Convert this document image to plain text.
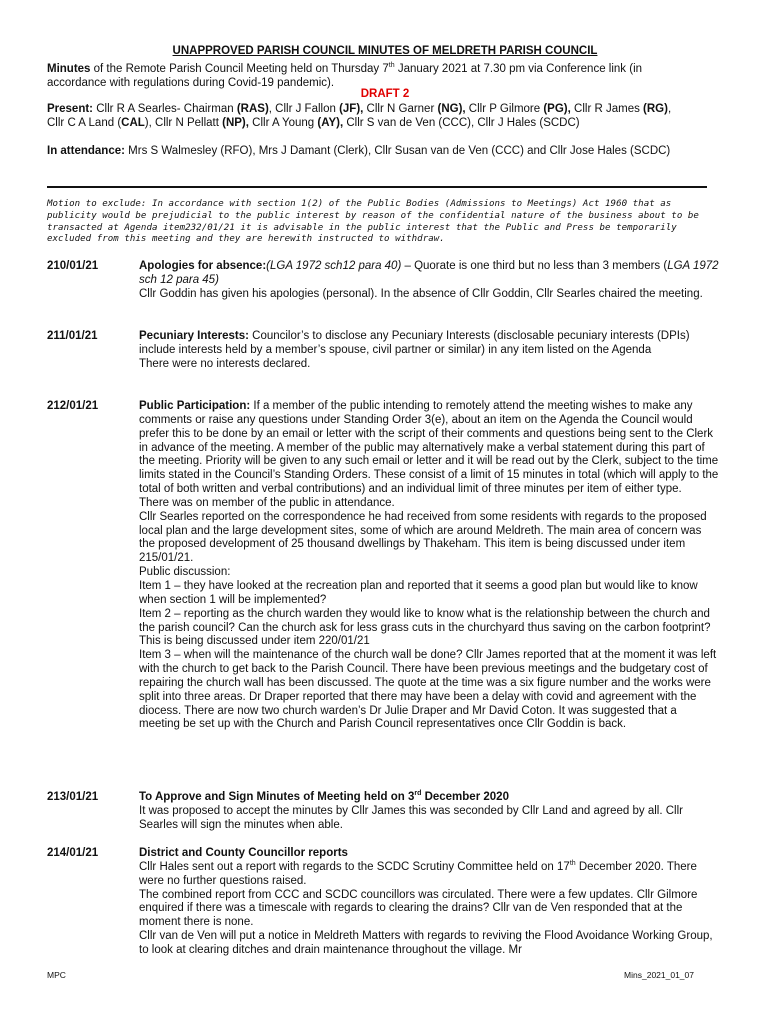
UNAPPROVED PARISH COUNCIL MINUTES OF MELDRETH PARISH COUNCIL
Minutes of the Remote Parish Council Meeting held on Thursday 7th January 2021 at 7.30 pm via Conference link (in accordance with regulations during Covid-19 pandemic).
DRAFT 2
Present: Cllr R A Searles- Chairman (RAS), Cllr J Fallon (JF), Cllr N Garner (NG), Cllr P Gilmore (PG), Cllr R James (RG), Cllr C A Land (CAL), Cllr N Pellatt (NP), Cllr A Young (AY), Cllr S van de Ven (CCC), Cllr J Hales (SCDC)
In attendance: Mrs S Walmesley (RFO), Mrs J Damant (Clerk), Cllr Susan van de Ven (CCC) and Cllr Jose Hales (SCDC)
Motion to exclude: In accordance with section 1(2) of the Public Bodies (Admissions to Meetings) Act 1960 that as publicity would be prejudicial to the public interest by reason of the confidential nature of the business about to be transacted at Agenda item232/01/21 it is advisable in the public interest that the Public and Press be temporarily excluded from this meeting and they are herewith instructed to withdraw.
210/01/21	Apologies for absence:(LGA 1972 sch12 para 40) – Quorate is one third but no less than 3 members (LGA 1972 sch 12 para 45)
Cllr Goddin has given his apologies (personal). In the absence of Cllr Goddin, Cllr Searles chaired the meeting.
211/01/21	Pecuniary Interests: Councilor’s to disclose any Pecuniary Interests (disclosable pecuniary interests (DPIs) include interests held by a member’s spouse, civil partner or similar) in any item listed on the Agenda
There were no interests declared.
212/01/21	Public Participation: If a member of the public intending to remotely attend the meeting wishes to make any comments or raise any questions under Standing Order 3(e), about an item on the Agenda the Council would prefer this to be done by an email or letter with the script of their comments and questions being sent to the Clerk in advance of the meeting. A member of the public may alternatively make a verbal statement during this part of the meeting. Priority will be given to any such email or letter and it will be read out by the Clerk, subject to the time limits stated in the Council’s Standing Orders. These consist of a limit of 15 minutes in total (which will apply to the total of both written and verbal contributions) and an individual limit of three minutes per item of either type.
There was on member of the public in attendance.
Cllr Searles reported on the correspondence he had received from some residents with regards to the proposed local plan and the large development sites, some of which are around Meldreth. The main area of concern was the proposed development of 25 thousand dwellings by Thakeham. This item is being discussed under item 215/01/21.
Public discussion:
Item 1 – they have looked at the recreation plan and reported that it seems a good plan but would like to know when section 1 will be implemented?
Item 2 – reporting as the church warden they would like to know what is the relationship between the church and the parish council? Can the church ask for less grass cuts in the churchyard thus saving on the carbon footprint? This is being discussed under item 220/01/21
Item 3 – when will the maintenance of the church wall be done? Cllr James reported that at the moment it was left with the church to get back to the Parish Council. There have been previous meetings and the budgetary cost of repairing the church wall has been discussed. The quote at the time was a six figure number and the works were split into three areas. Dr Draper reported that there may have been a delay with covid and agreement with the diocess. There are now two church warden’s Dr Julie Draper and Mr David Coton. It was suggested that a meeting be set up with the Church and Parish Council representatives once Cllr Goddin is back.
213/01/21	To Approve and Sign Minutes of Meeting held on 3rd December 2020
It was proposed to accept the minutes by Cllr James this was seconded by Cllr Land and agreed by all. Cllr Searles will sign the minutes when able.
214/01/21	District and County Councillor reports
Cllr Hales sent out a report with regards to the SCDC Scrutiny Committee held on 17th December 2020. There were no further questions raised.
The combined report from CCC and SCDC councillors was circulated. There were a few updates. Cllr Gilmore enquired if there was a timescale with regards to clearing the drains? Cllr van de Ven responded that at the moment there is none.
Cllr van de Ven will put a notice in Meldreth Matters with regards to reviving the Flood Avoidance Working Group, to look at clearing ditches and drain maintenance throughout the village. Mr
MPC	Mins_2021_01_07
